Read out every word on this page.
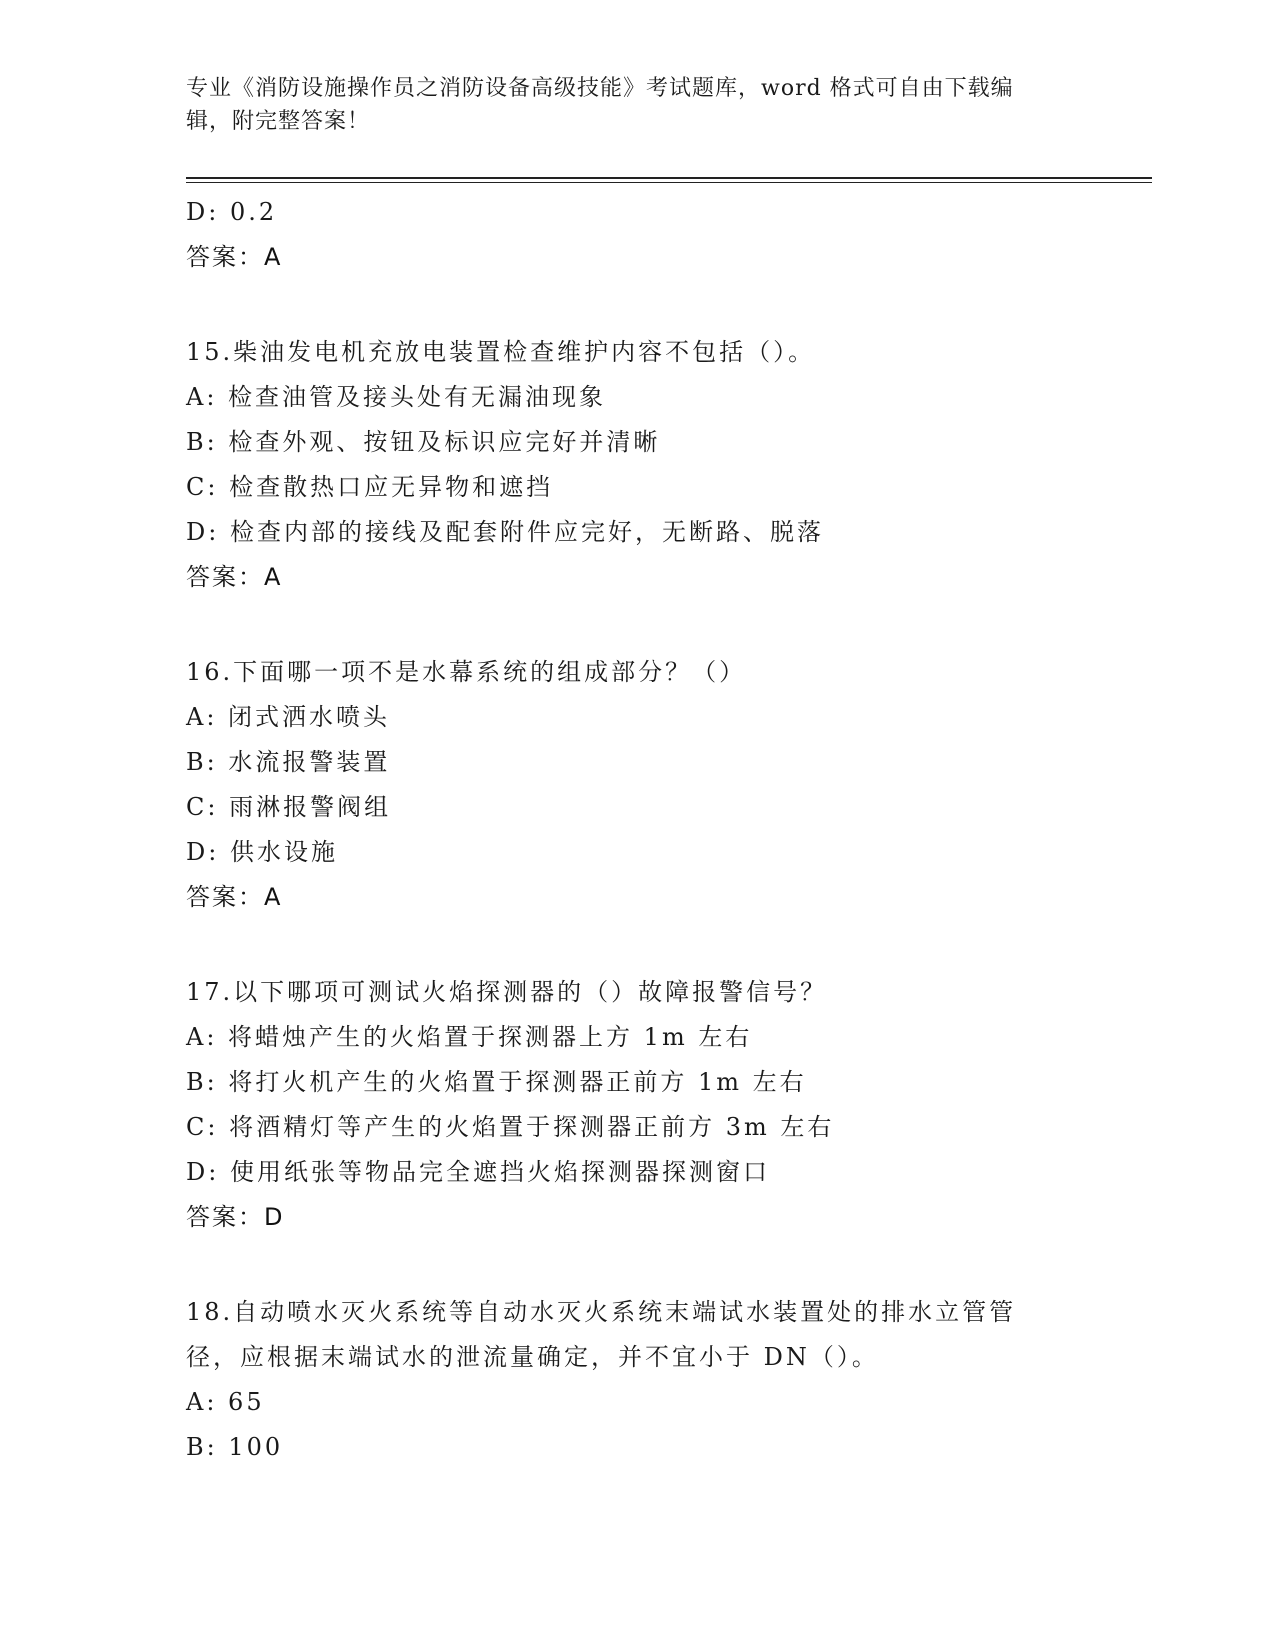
专业《消防设施操作员之消防设备高级技能》考试题库，word 格式可自由下载编
辑，附完整答案！
D: 0.2
答案：A
15.柴油发电机充放电装置检查维护内容不包括（）。
A: 检查油管及接头处有无漏油现象
B: 检查外观、按钮及标识应完好并清晰
C: 检查散热口应无异物和遮挡
D: 检查内部的接线及配套附件应完好，无断路、脱落
答案：A
16.下面哪一项不是水幕系统的组成部分？（）
A: 闭式洒水喷头
B: 水流报警装置
C: 雨淋报警阀组
D: 供水设施
答案：A
17.以下哪项可测试火焰探测器的（）故障报警信号？
A: 将蜡烛产生的火焰置于探测器上方 1m 左右
B: 将打火机产生的火焰置于探测器正前方 1m 左右
C: 将酒精灯等产生的火焰置于探测器正前方 3m 左右
D: 使用纸张等物品完全遮挡火焰探测器探测窗口
答案：D
18.自动喷水灭火系统等自动水灭火系统末端试水装置处的排水立管管
径，应根据末端试水的泄流量确定，并不宜小于 DN（）。
A: 65
B: 100
